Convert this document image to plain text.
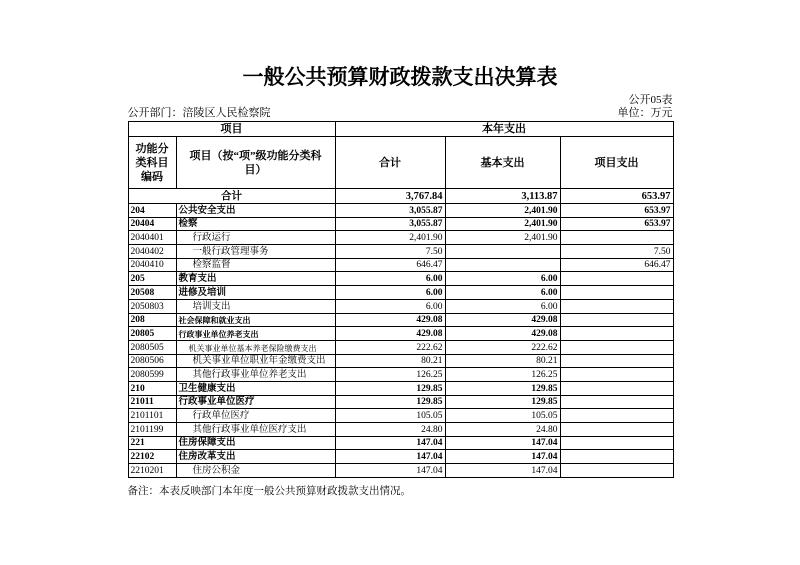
一般公共预算财政拨款支出决算表
公开05表
公开部门：涪陵区人民检察院	单位：万元
项目		本年支出		
功能分类科目编码	项目（按“项”级功能分类科目）	合计	基本支出	项目支出
合计		3,767.84	3,113.87	653.97
204	公共安全支出	3,055.87	2,401.90	653.97
20404	检察	3,055.87	2,401.90	653.97
2040401	行政运行	2,401.90	2,401.90	
2040402	一般行政管理事务	7.50		7.50
2040410	检察监督	646.47		646.47
205	教育支出	6.00	6.00	
20508	进修及培训	6.00	6.00	
2050803	培训支出	6.00	6.00	
208	社会保障和就业支出	429.08	429.08	
20805	行政事业单位养老支出	429.08	429.08	
2080505	机关事业单位基本养老保险缴费支出	222.62	222.62	
2080506	机关事业单位职业年金缴费支出	80.21	80.21	
2080599	其他行政事业单位养老支出	126.25	126.25	
210	卫生健康支出	129.85	129.85	
21011	行政事业单位医疗	129.85	129.85	
2101101	行政单位医疗	105.05	105.05	
2101199	其他行政事业单位医疗支出	24.80	24.80	
221	住房保障支出	147.04	147.04	
22102	住房改革支出	147.04	147.04	
2210201	住房公积金	147.04	147.04	
备注：本表反映部门本年度一般公共预算财政拨款支出情况。
